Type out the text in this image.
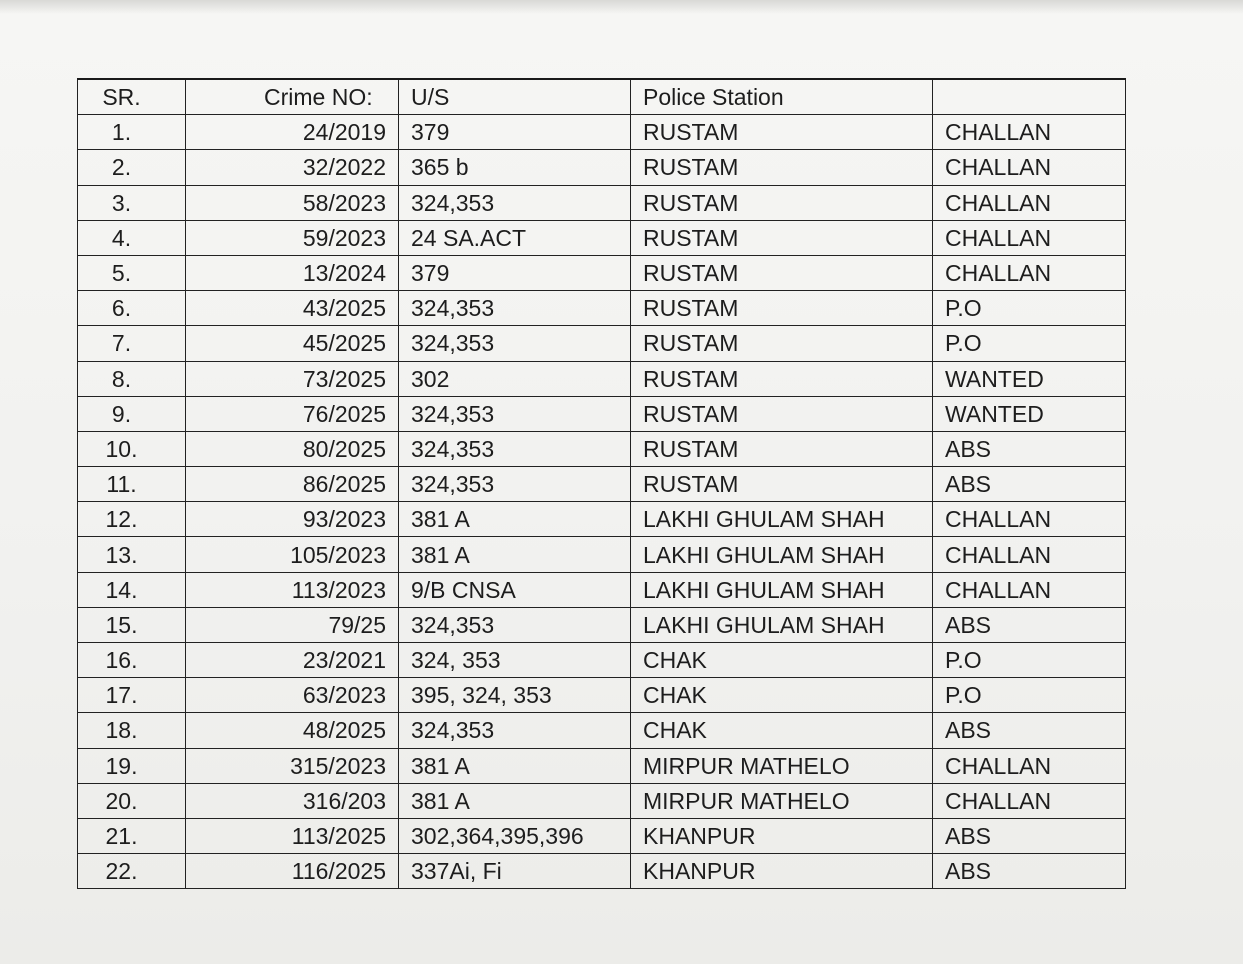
SR.	Crime NO:	U/S	Police Station	
1.	24/2019	379	RUSTAM	CHALLAN
2.	32/2022	365 b	RUSTAM	CHALLAN
3.	58/2023	324,353	RUSTAM	CHALLAN
4.	59/2023	24 SA.ACT	RUSTAM	CHALLAN
5.	13/2024	379	RUSTAM	CHALLAN
6.	43/2025	324,353	RUSTAM	P.O
7.	45/2025	324,353	RUSTAM	P.O
8.	73/2025	302	RUSTAM	WANTED
9.	76/2025	324,353	RUSTAM	WANTED
10.	80/2025	324,353	RUSTAM	ABS
11.	86/2025	324,353	RUSTAM	ABS
12.	93/2023	381 A	LAKHI GHULAM SHAH	CHALLAN
13.	105/2023	381 A	LAKHI GHULAM SHAH	CHALLAN
14.	113/2023	9/B CNSA	LAKHI GHULAM SHAH	CHALLAN
15.	79/25	324,353	LAKHI GHULAM SHAH	ABS
16.	23/2021	324, 353	CHAK	P.O
17.	63/2023	395, 324, 353	CHAK	P.O
18.	48/2025	324,353	CHAK	ABS
19.	315/2023	381 A	MIRPUR MATHELO	CHALLAN
20.	316/203	381 A	MIRPUR MATHELO	CHALLAN
21.	113/2025	302,364,395,396	KHANPUR	ABS
22.	116/2025	337Ai, Fi	KHANPUR	ABS
